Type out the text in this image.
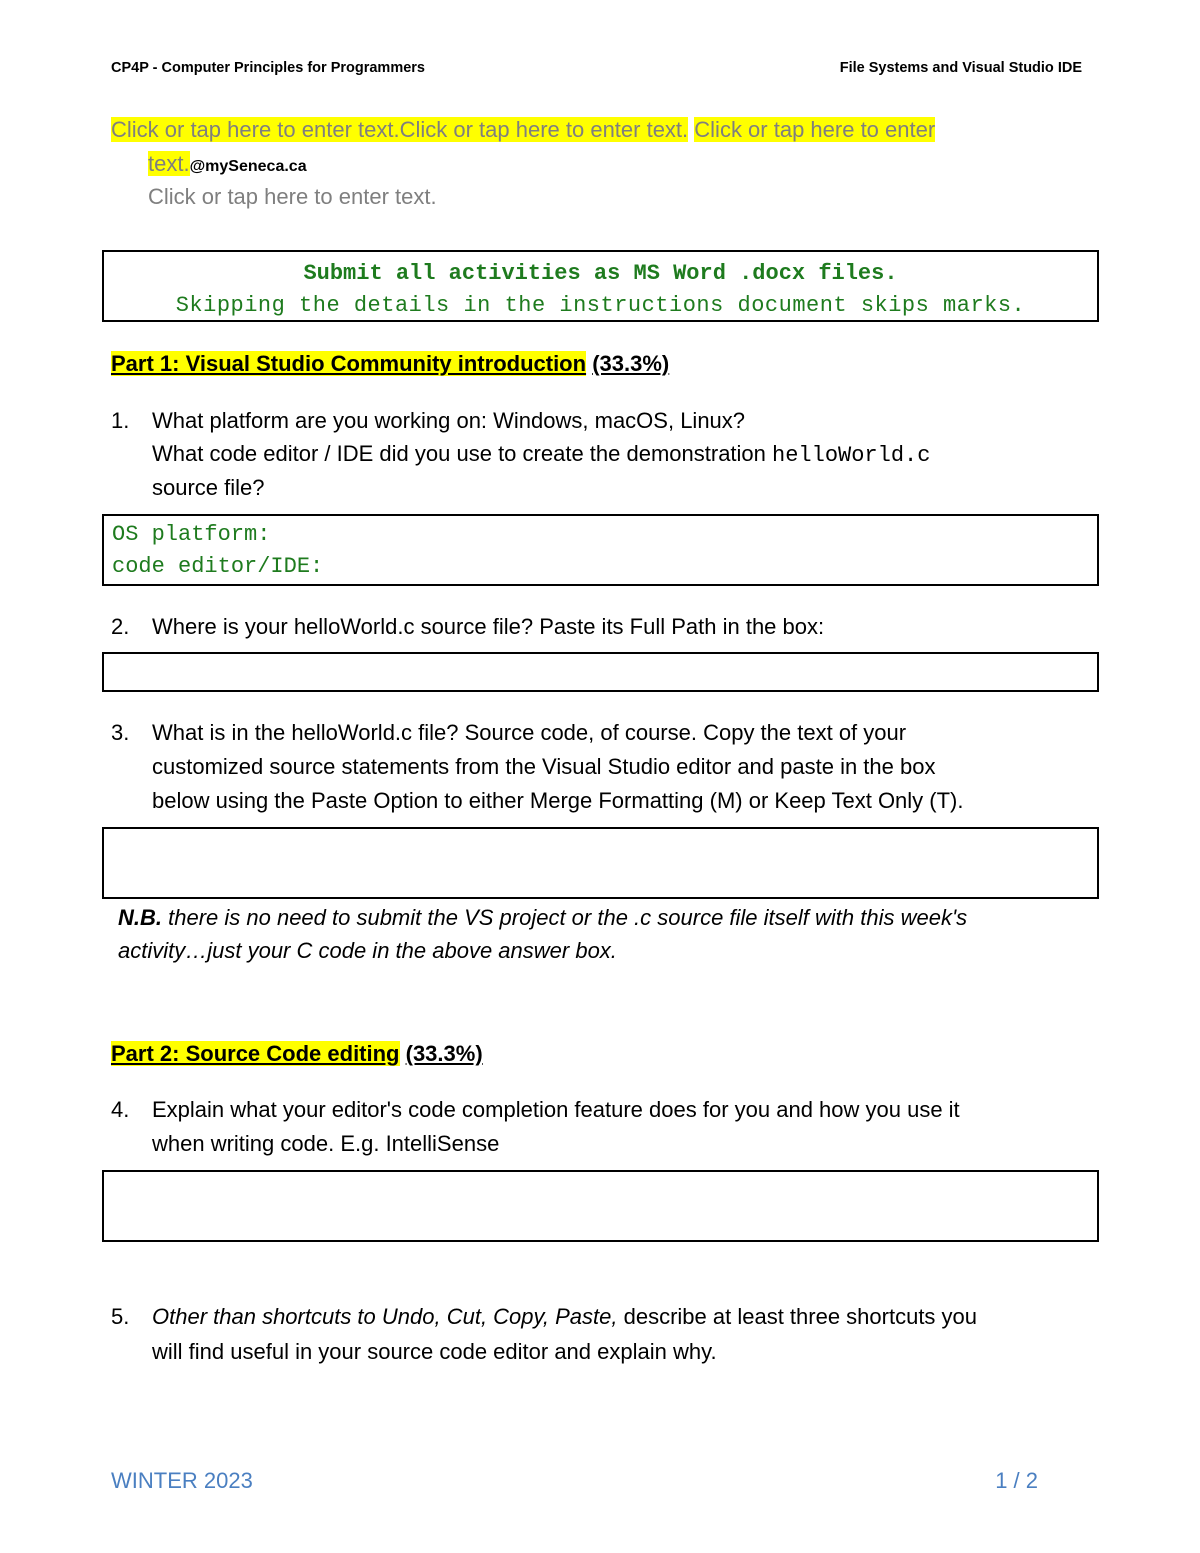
CP4P - Computer Principles for Programmers	File Systems and Visual Studio IDE
Click or tap here to enter text.Click or tap here to enter text. Click or tap here to enter
text.@mySeneca.ca
Click or tap here to enter text.
Submit all activities as MS Word .docx files.
Skipping the details in the instructions document skips marks.
Part 1: Visual Studio Community introduction (33.3%)
1. What platform are you working on: Windows, macOS, Linux?
What code editor / IDE did you use to create the demonstration helloWorld.c
source file?
OS platform:
code editor/IDE:
2. Where is your helloWorld.c source file? Paste its Full Path in the box:
3. What is in the helloWorld.c file? Source code, of course. Copy the text of your
customized source statements from the Visual Studio editor and paste in the box
below using the Paste Option to either Merge Formatting (M) or Keep Text Only (T).
N.B. there is no need to submit the VS project or the .c source file itself with this week's
activity…just your C code in the above answer box.
Part 2: Source Code editing (33.3%)
4. Explain what your editor's code completion feature does for you and how you use it
when writing code. E.g. IntelliSense
5. Other than shortcuts to Undo, Cut, Copy, Paste, describe at least three shortcuts you
will find useful in your source code editor and explain why.
WINTER 2023	1 / 2
